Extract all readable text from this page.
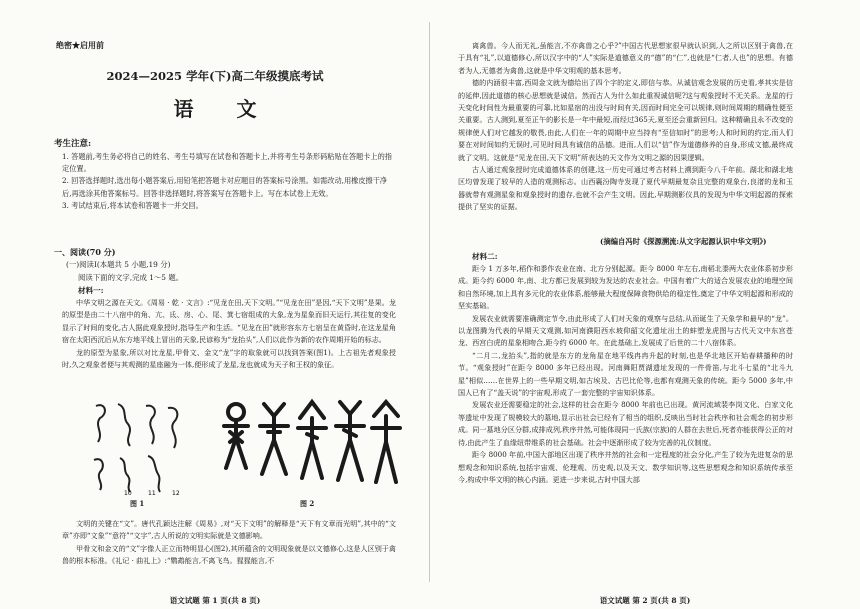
绝密★启用前
2024—2025 学年(下)高二年级摸底考试
语 文
考生注意:

1. 答题前,考生务必将自己的姓名、考生号填写在试卷和答题卡上,并将考生号条形码粘贴在答题卡上的指定位置。

2. 回答选择题时,选出每小题答案后,用铅笔把答题卡对应题目的答案标号涂黑。如需改动,用橡皮擦干净后,再选涂其他答案标号。回答非选择题时,将答案写在答题卡上。写在本试卷上无效。

3. 考试结束后,将本试卷和答题卡一并交回。

一、阅读(70 分)
(一)阅读Ⅰ(本题共 5 小题,19 分)
阅读下面的文字,完成 1～5 题。
材料一:

中华文明之源在天文。《周易 · 乾 · 文言》:“见龙在田,天下文明。”“见龙在田”是因,“天下文明”是果。龙的原型是由二十八宿中的角、亢、氐、房、心、尾、箕七宿组成的大象,龙为星象而旧天运行,其往复的变化显示了时间的变化,古人据此观象授时,指导生产和生活。“见龙在田”就形容东方七宿呈在黄昏时,在这龙星角宿在太阳西沉后从东方地平线上冒出的天象,民谚称为“龙抬头”,人们以此作为新的农作周期开始的标志。

龙的原型为星象,所以对比龙星,甲骨文、金文“龙”字的取象就可以找到答案(图1)。上古祖先者观象授时,久之观象者便与其观测的星座融为一体,便形成了龙星,龙也就成为天子和王权的象征。

10	11	12
图 1	图 2

文明的关键在“文”。唐代孔颖达注解《周易》,对“天下文明”的解释是“天下有文章而光明”,其中的“文章”亦即“文象”“意符”“文字”,古人所说的文明实际就是文德影响。

甲骨文和金文的“文”字像人正立而特明显心(图2),其所蕴含的文明现象就是以文德修心,这是人区别于禽兽的根本标准。《礼记 · 曲礼上》:“鹦鹉能言,不离飞鸟。猩猩能言,不

语文试题 第 1 页(共 8 页)

离禽兽。今人而无礼,虽能言,不亦禽兽之心乎?”中国古代思想家很早就认识到,人之所以区别于禽兽,在于具有“礼”,以道德修心,所以汉字中的“人”实际是道德意义的“德”的“仁”,也就是“仁者,人也”的思想。有德者为人,无德者为禽兽,这就是中华文明观的基本思考。

德的内涵很丰富,西周金文就为德给出了四个字的定义,即信与恭。从诚信观念发展的历史看,孝其实是信的延伸,因此道德的核心思想就是诚信。然而古人为什么如此重视诚信呢?这与观象授时不无关系。龙星的行天变化时间性为最重要的可靠,比如星宿的出没与时间有关,因而时间完全可以规律,则时间周期的精确性便至关重要。古人测到,夏至正午的影长是一年中最短,而经过365天,夏至还会重新回归。这种精确且永不改变的规律使人们对它越发的敬畏,由此,人们在一年的周期中应当持有“至信如时”的思考;人和时间的约定,而人们要在对时间如约无误时,可见时间具有诚信的品德。进而,人们以“信”作为道德修养的自身,形成文德,最终成就了文明。这就是“见龙在田,天下文明”所表达的天文作为文明之源的因果逻辑。

古人通过观象授时完成道德体系的创建,这一历史可通过考古材料上溯到距今八千年前。湖北和湖北地区均曾发现了较早的人造的观测标志。山西襄汾陶寺发现了夏代早期最复杂且完整的观象台,良渚的龙和玉器就带有观测星象和观象授时的遗存,也就不会产生文明。因此,早期测影仪具的发现为中华文明起源的探索提供了坚实的证据。

(摘编自冯时《探源溯流:从文字起源认识中华文明》)
材料二:

距今 1 万多年,稻作和黍作农业在南、北方分别起源。距今 8000 年左右,南稻北黍两大农业体系初步形成。距今约 6000 年,南、北方都已发展到较为发达的农业社会。中国有着广大的适合发展农业的地理空间和自然环境,加上具有多元化的农业体系,能够最大程度保障食物供给的稳定性,奠定了中华文明起源和形成的坚实基础。

发展农业就需要准确测定节令,由此形成了人们对天象的观察与总结,从而诞生了天象学和最早的“龙”。以龙图腾为代表的早期天文观测,如河南濮阳西水坡仰韶文化遗址出土的蚌塑龙虎图与古代天文中东宫苍龙、西宫白虎的星象相吻合,距今约 6000 年。在此基础上,发展成了后世的二十八宿体系。

“二月二,龙抬头”,指的就是东方的龙角星在地平线冉冉升起的时刻,也是华北地区开始春耕播种的时节。“观象授时”在距今 8000 多年已经出现。河南舞阳贾湖遗址发现的一件骨笛,与北斗七星的“北斗九星”相似……在世界上的一些早期文明,如古埃及、古巴比伦等,也都有观测天象的传统。距今 5000 多年,中国人已有了“盖天说”的宇宙观,形成了一套完整的宇宙知识体系。

发展农业还需要稳定的社会,这样的社会在距今 8000 年前也已出现。黄河流域裴李岗文化、白家文化等遗址中发现了规模较大的墓地,显示出社会已经有了相当的组织,反映出当时社会秩序和社会观念的初步形成。同一墓地分区分群,成排成列,秩序井然,可能体现同一氏族(宗族)的人群在去世后,死者亦能获得公正的对待,由此产生了血缘纽带维系的社会基础。社会中逐渐形成了较为完善的礼仪制度。

距今 8000 年前,中国大部地区出现了秩序井然的社会和一定程度的社会分化,产生了较为先进复杂的思想观念和知识系统,包括宇宙观、伦理观、历史观,以及天文、数学知识等,这些思想观念和知识系统传承至今,构成中华文明的核心内涵。更进一步来说,古时中国大部

语文试题 第 2 页(共 8 页)
